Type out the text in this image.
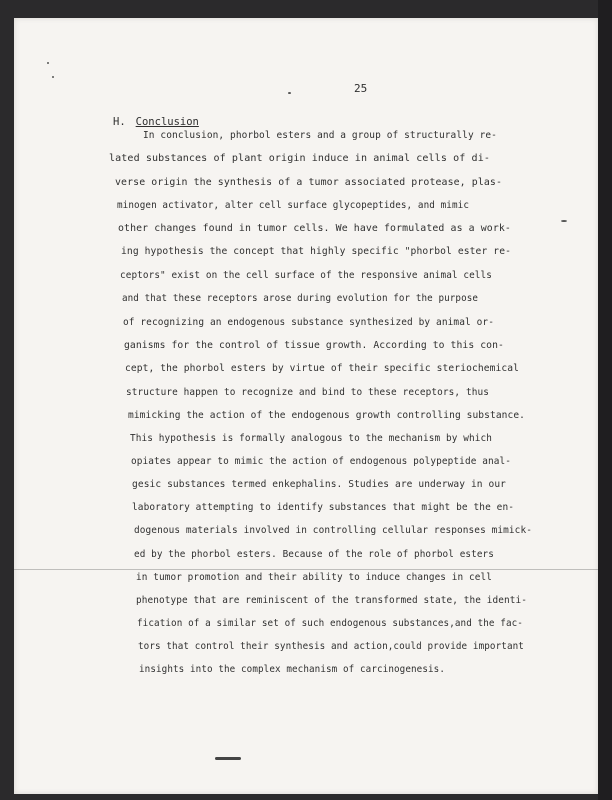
25
H. Conclusion
In conclusion, phorbol esters and a group of structurally re-
lated substances of plant origin induce in animal cells of di-
verse origin the synthesis of a tumor associated protease, plas-
minogen activator, alter cell surface glycopeptides, and mimic
other changes found in tumor cells. We have formulated as a work-
ing hypothesis the concept that highly specific "phorbol ester re-
ceptors" exist on the cell surface of the responsive animal cells
and that these receptors arose during evolution for the purpose
of recognizing an endogenous substance synthesized by animal or-
ganisms for the control of tissue growth. According to this con-
cept, the phorbol esters by virtue of their specific steriochemical
structure happen to recognize and bind to these receptors, thus
mimicking the action of the endogenous growth controlling substance.
This hypothesis is formally analogous to the mechanism by which
opiates appear to mimic the action of endogenous polypeptide anal-
gesic substances termed enkephalins. Studies are underway in our
laboratory attempting to identify substances that might be the en-
dogenous materials involved in controlling cellular responses mimick-
ed by the phorbol esters. Because of the role of phorbol esters
in tumor promotion and their ability to induce changes in cell
phenotype that are reminiscent of the transformed state, the identi-
fication of a similar set of such endogenous substances,and the fac-
tors that control their synthesis and action,could provide important
insights into the complex mechanism of carcinogenesis.
